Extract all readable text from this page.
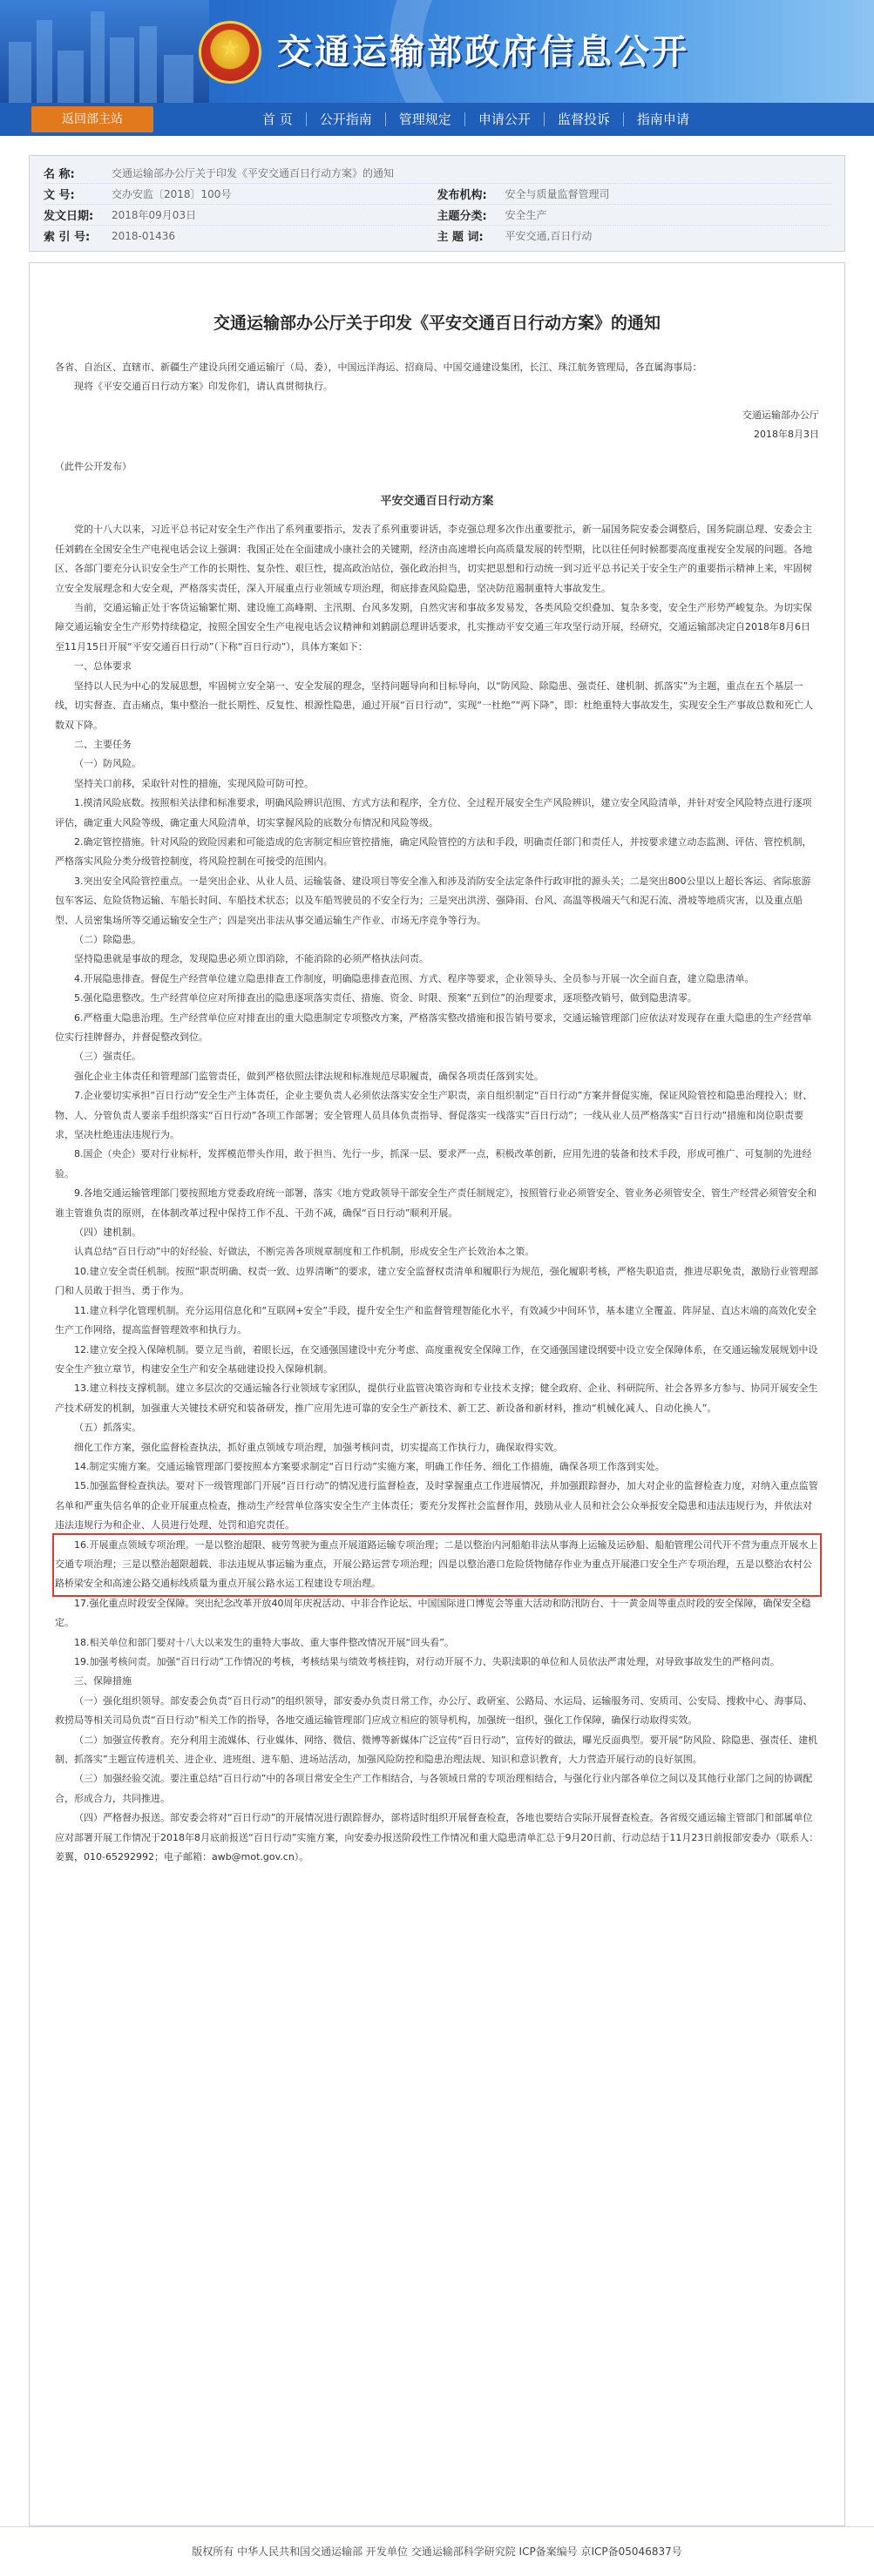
★
交通运输部政府信息公开
返回部主站	首 页	公开指南	管理规定	申请公开	监督投诉	指南申请
名 称:	交通运输部办公厅关于印发《平安交通百日行动方案》的通知
文 号:	交办安监〔2018〕100号	发布机构:	安全与质量监督管理司
发文日期:	2018年09月03日	主题分类:	安全生产
索 引 号:	2018-01436	主 题 词:	平安交通,百日行动
交通运输部办公厅关于印发《平安交通百日行动方案》的通知

各省、自治区、直辖市、新疆生产建设兵团交通运输厅（局、委），中国远洋海运、招商局、中国交通建设集团，长江、珠江航务管理局，各直属海事局：

现将《平安交通百日行动方案》印发你们，请认真贯彻执行。

交通运输部办公厅

2018年8月3日

（此件公开发布）

平安交通百日行动方案

党的十八大以来，习近平总书记对安全生产作出了系列重要指示，发表了系列重要讲话，李克强总理多次作出重要批示，新一届国务院安委会调整后，国务院副总理、安委会主任刘鹤在全国安全生产电视电话会议上强调：我国正处在全面建成小康社会的关键期，经济由高速增长向高质量发展的转型期，比以往任何时候都要高度重视安全发展的问题。各地区、各部门要充分认识安全生产工作的长期性、复杂性、艰巨性，提高政治站位，强化政治担当，切实把思想和行动统一到习近平总书记关于安全生产的重要指示精神上来，牢固树立安全发展理念和大安全观，严格落实责任，深入开展重点行业领域专项治理，彻底排查风险隐患，坚决防范遏制重特大事故发生。

当前，交通运输正处于客货运输繁忙期、建设施工高峰期、主汛期、台风多发期，自然灾害和事故多发易发，各类风险交织叠加、复杂多变，安全生产形势严峻复杂。为切实保障交通运输安全生产形势持续稳定，按照全国安全生产电视电话会议精神和刘鹤副总理讲话要求，扎实推动平安交通三年攻坚行动开展，经研究，交通运输部决定自2018年8月6日至11月15日开展“平安交通百日行动”（下称“百日行动”），具体方案如下：

一、总体要求

坚持以人民为中心的发展思想，牢固树立安全第一、安全发展的理念，坚持问题导向和目标导向，以“防风险、除隐患、强责任、建机制、抓落实”为主题，重点在五个基层一线，切实督查、直击痛点，集中整治一批长期性、反复性、根源性隐患，通过开展“百日行动”，实现“一杜绝”“两下降”，即：杜绝重特大事故发生，实现安全生产事故总数和死亡人数双下降。

二、主要任务

（一）防风险。

坚持关口前移，采取针对性的措施，实现风险可防可控。

1.摸清风险底数。按照相关法律和标准要求，明确风险辨识范围、方式方法和程序，全方位、全过程开展安全生产风险辨识，建立安全风险清单，并针对安全风险特点进行逐项评估，确定重大风险等级，确定重大风险清单，切实掌握风险的底数分布情况和风险等级。

2.确定管控措施。针对风险的致险因素和可能造成的危害制定相应管控措施，确定风险管控的方法和手段，明确责任部门和责任人，并按要求建立动态监测、评估、管控机制，严格落实风险分类分级管控制度，将风险控制在可接受的范围内。

3.突出安全风险管控重点。一是突出企业、从业人员、运输装备、建设项目等安全准入和涉及消防安全法定条件行政审批的源头关；二是突出800公里以上超长客运、省际旅游包车客运、危险货物运输、车船长时间、车船技术状态；以及车船驾驶员的不安全行为；三是突出洪涝、强降雨、台风、高温等极端天气和泥石流、滑坡等地质灾害，以及重点船型、人员密集场所等交通运输安全生产；四是突出非法从事交通运输生产作业、市场无序竞争等行为。

（二）除隐患。

坚持隐患就是事故的理念，发现隐患必须立即消除，不能消除的必须严格执法问责。

4.开展隐患排查。督促生产经营单位建立隐患排查工作制度，明确隐患排查范围、方式、程序等要求，企业领导头、全员参与开展一次全面自查，建立隐患清单。

5.强化隐患整改。生产经营单位应对所排查出的隐患逐项落实责任、措施、资金、时限、预案“五到位”的治理要求，逐项整改销号，做到隐患清零。

6.严格重大隐患治理。生产经营单位应对排查出的重大隐患制定专项整改方案，严格落实整改措施和报告销号要求，交通运输管理部门应依法对发现存在重大隐患的生产经营单位实行挂牌督办，并督促整改到位。

（三）强责任。

强化企业主体责任和管理部门监管责任，做到严格依照法律法规和标准规范尽职履责，确保各项责任落到实处。

7.企业要切实承担“百日行动”安全生产主体责任，企业主要负责人必须依法落实安全生产职责，亲自组织制定“百日行动”方案并督促实施，保证风险管控和隐患治理投入；财、物、人、分管负责人要亲手组织落实“百日行动”各项工作部署；安全管理人员具体负责指导、督促落实一线落实“百日行动”；一线从业人员严格落实“百日行动”措施和岗位职责要求，坚决杜绝违法违规行为。

8.国企（央企）要对行业标杆，发挥模范带头作用，敢于担当、先行一步，抓深一层、要求严一点，积极改革创新，应用先进的装备和技术手段，形成可推广、可复制的先进经验。

9.各地交通运输管理部门要按照地方党委政府统一部署，落实《地方党政领导干部安全生产责任制规定》，按照管行业必须管安全、管业务必须管安全、管生产经营必须管安全和谁主管谁负责的原则，在体制改革过程中保持工作不乱、干劲不减，确保“百日行动”顺利开展。

（四）建机制。

认真总结“百日行动”中的好经验、好做法，不断完善各项规章制度和工作机制，形成安全生产长效治本之策。

10.建立安全责任机制。按照“职责明确、权责一致、边界清晰”的要求，建立安全监督权责清单和履职行为规范，强化履职考核，严格失职追责，推进尽职免责，激励行业管理部门和人员敢于担当、勇于作为。

11.建立科学化管理机制。充分运用信息化和“互联网+安全”手段，提升安全生产和监督管理智能化水平，有效减少中间环节，基本建立全覆盖、阵屏显、直达末端的高效化安全生产工作网络，提高监督管理效率和执行力。

12.建立安全投入保障机制。要立足当前，着眼长远，在交通强国建设中充分考虑、高度重视安全保障工作，在交通强国建设纲要中设立安全保障体系，在交通运输发展规划中设安全生产独立章节，构建安全生产和安全基础建设投入保障机制。

13.建立科技支撑机制。建立多层次的交通运输各行业领域专家团队，提供行业监管决策咨询和专业技术支撑；健全政府、企业、科研院所、社会各界多方参与、协同开展安全生产技术研发的机制，加强重大关键技术研究和装备研发，推广应用先进可靠的安全生产新技术、新工艺、新设备和新材料，推动“机械化减人、自动化换人”。

（五）抓落实。

细化工作方案，强化监督检查执法，抓好重点领域专项治理，加强考核问责，切实提高工作执行力，确保取得实效。

14.制定实施方案。交通运输管理部门要按照本方案要求制定“百日行动”实施方案，明确工作任务、细化工作措施，确保各项工作落到实处。

15.加强监督检查执法。要对下一级管理部门开展“百日行动”的情况进行监督检查，及时掌握重点工作进展情况，并加强跟踪督办，加大对企业的监督检查力度，对纳入重点监管名单和严重失信名单的企业开展重点检查，推动生产经营单位落实安全生产主体责任；要充分发挥社会监督作用，鼓励从业人员和社会公众举报安全隐患和违法违规行为，并依法对违法违规行为和企业、人员进行处理、处罚和追究责任。

16.开展重点领域专项治理。一是以整治超限、疲劳驾驶为重点开展道路运输专项治理；二是以整治内河船舶非法从事海上运输及运砂船、船舶管理公司代开不营为重点开展水上交通专项治理；三是以整治超限超载、非法违规从事运输为重点，开展公路运营专项治理；四是以整治港口危险货物储存作业为重点开展港口安全生产专项治理，五是以整治农村公路桥梁安全和高速公路交通标线质量为重点开展公路水运工程建设专项治理。

17.强化重点时段安全保障。突出纪念改革开放40周年庆祝活动、中非合作论坛、中国国际进口博览会等重大活动和防汛防台、十一黄金周等重点时段的安全保障，确保安全稳定。

18.相关单位和部门要对十八大以来发生的重特大事故、重大事件整改情况开展“回头看”。

19.加强考核问责。加强“百日行动”工作情况的考核，考核结果与绩效考核挂钩，对行动开展不力、失职渎职的单位和人员依法严肃处理，对导致事故发生的严格问责。

三、保障措施

（一）强化组织领导。部安委会负责“百日行动”的组织领导，部安委办负责日常工作，办公厅、政研室、公路局、水运局、运输服务司、安质司、公安局、搜救中心、海事局、救捞局等相关司局负责“百日行动”相关工作的指导，各地交通运输管理部门应成立相应的领导机构，加强统一组织，强化工作保障，确保行动取得实效。

（二）加强宣传教育。充分利用主流媒体、行业媒体、网络、微信、微博等新媒体广泛宣传“百日行动”，宣传好的做法，曝光反面典型。要开展“防风险、除隐患、强责任、建机制、抓落实”主题宣传进机关、进企业、进班组、进车船、进场站活动，加强风险防控和隐患治理法规、知识和意识教育，大力营造开展行动的良好氛围。

（三）加强经验交流。要注重总结“百日行动”中的各项目常安全生产工作相结合，与各领域日常的专项治理相结合，与强化行业内部各单位之间以及其他行业部门之间的协调配合，形成合力，共同推进。

（四）严格督办报送。部安委会将对“百日行动”的开展情况进行跟踪督办，部将适时组织开展督查检查，各地也要结合实际开展督查检查。各省级交通运输主管部门和部属单位应对部署开展工作情况于2018年8月底前报送“百日行动”实施方案，向安委办报送阶段性工作情况和重大隐患清单汇总于9月20日前、行动总结于11月23日前报部安委办（联系人：姜翼，010-65292992；电子邮箱：awb@mot.gov.cn）。

版权所有 中华人民共和国交通运输部 开发单位 交通运输部科学研究院 ICP备案编号 京ICP备05046837号
